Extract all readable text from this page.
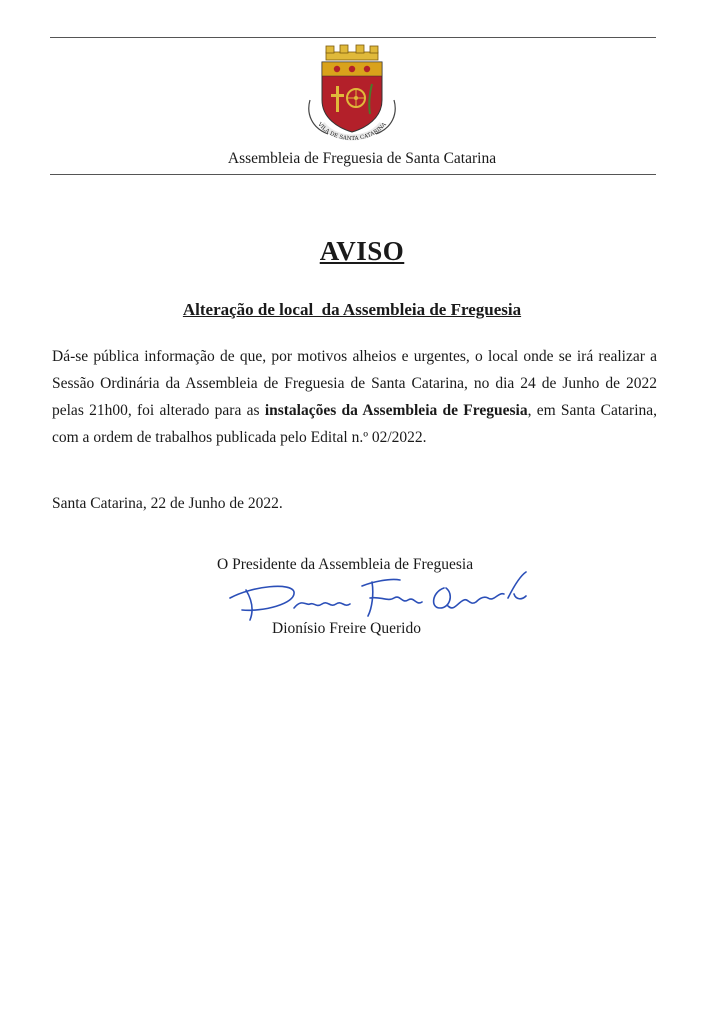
VILA DE SANTA CATARINA
Assembleia de Freguesia de Santa Catarina
AVISO
Alteração de local  da Assembleia de Freguesia

Dá-se pública informação de que, por motivos alheios e urgentes, o local onde se irá realizar a Sessão Ordinária da Assembleia de Freguesia de Santa Catarina, no dia 24 de Junho de 2022 pelas 21h00, foi alterado para as instalações da Assembleia de Freguesia, em Santa Catarina, com a ordem de trabalhos publicada pelo Edital n.º 02/2022.

Santa Catarina, 22 de Junho de 2022.
O Presidente da Assembleia de Freguesia
Dionísio Freire Querido
